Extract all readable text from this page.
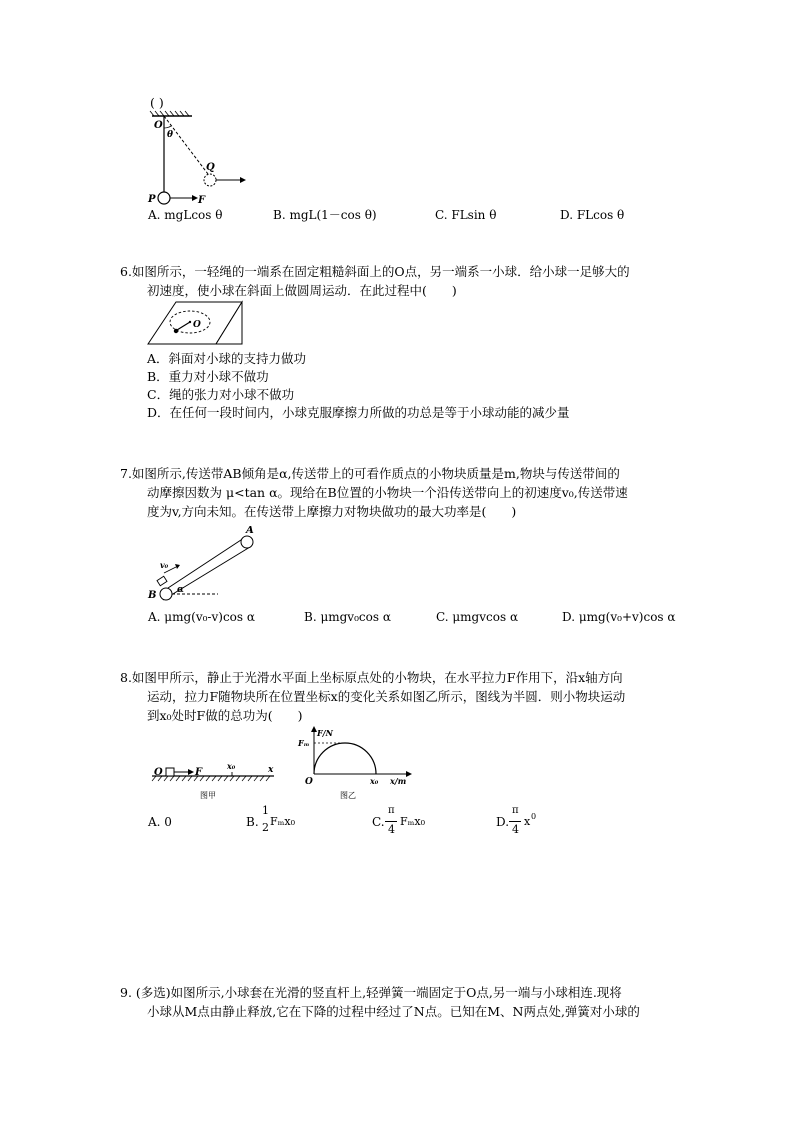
( )
O
θ
Q
P	F
A. mgLcos θ	B. mgL(1－cos θ)	C. FLsin θ	D. FLcos θ

6.如图所示，一轻绳的一端系在固定粗糙斜面上的O点，另一端系一小球．给小球一足够大的

初速度，使小球在斜面上做圆周运动．在此过程中(　　)

O

A．斜面对小球的支持力做功

B．重力对小球不做功

C．绳的张力对小球不做功

D．在任何一段时间内，小球克服摩擦力所做的功总是等于小球动能的减少量

7.如图所示,传送带AB倾角是α,传送带上的可看作质点的小物块质量是m,物块与传送带间的

动摩擦因数为 μ<tan α。现给在B位置的小物块一个沿传送带向上的初速度v₀,传送带速

度为v,方向未知。在传送带上摩擦力对物块做功的最大功率是(　　)

A
B
v₀
α
A. μmg(v₀-v)cos α	B. μmgv₀cos α	C. μmgvcos α	D. μmg(v₀+v)cos α

8.如图甲所示，静止于光滑水平面上坐标原点处的小物块，在水平拉力F作用下，沿x轴方向

运动，拉力F随物块所在位置坐标x的变化关系如图乙所示，图线为半圆．则小物块运动

到x₀处时F做的总功为(　　)

O	F
x₀	x
图甲
F/N
Fₘ
O	x₀ x/m
图乙
A. 0	B.
1
2 Fₘx₀	C.
π
4
Fₘx₀	D.
π
4
x 0

9. (多选)如图所示,小球套在光滑的竖直杆上,轻弹簧一端固定于O点,另一端与小球相连.现将

小球从M点由静止释放,它在下降的过程中经过了N点。已知在M、N两点处,弹簧对小球的
